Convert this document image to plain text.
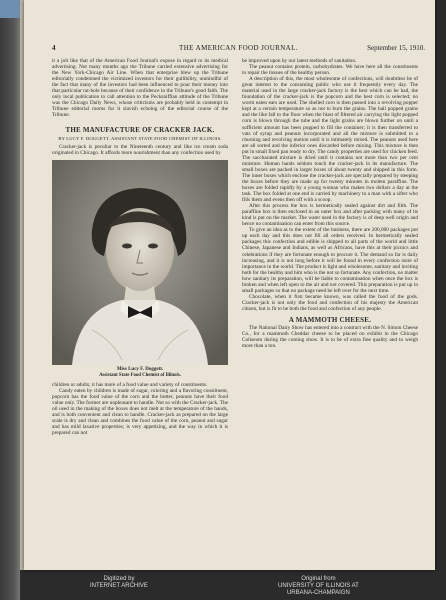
4	THE AMERICAN FOOD JOURNAL.	September 15, 1910.

it a jolt like that of the American Food Journal's expose in regard to its medical advertising. Not many months ago the Tribune carried extensive advertising for the New York-Chicago Air Line. When that enterprise blew up the Tribune editorially condemned the victimized investors for their gullibility, unmindful of the fact that many of the investors had been influenced to pour their money into that particular rat-hole because of their confidence in the Tribune's good faith. The only local publication to call attention to the Pecksniffian attitude of the Tribune was the Chicago Daily News, whose criticisms are probably held in contempt in Tribune editorial rooms for it slavish echoing of the editorial course of the Tribune.

THE MANUFACTURE OF CRACKER JACK.
BY LUCY F. DOGGETT, ASSISTANT STATE FOOD CHEMIST OF ILLINOIS.

Cracker-jack is peculiar to the Nineteenth century and like ice cream soda originated in Chicago. It affords more nourishment than any confection used by

Miss Lucy F. Doggett.
Assistant State Food Chemist of Illinois.

children or adults; it has more of a food value and variety of constituents.

Candy eaten by children is made of sugar, coloring and a flavoring constituent, popcorn has the food value of the corn and the butter, peanuts have their food value only. The former are unpleasant to handle. Not so with the Cracker-jack. The oil used in the making of the boxes does not melt at the temperature of the hands, and is both convenient and clean to handle. Cracker-jack as prepared on the large scale is dry and clean and combines the food value of the corn, peanut and sugar and has mild laxative properties; is very appetizing, and the way in which it is prepared can not

be improved upon by our latest methods of sanitation.

The peanut contains protein, carbohydrates. We have here all the constituents to repair the tissues of the healthy person.

A description of this, the most wholesome of confections, will doubtless be of great interest to the consuming public who use it frequently every day. The material used in the large cracker-jack factory is the best which can be had, the foundation of the cracker-jack is the popcorn and the best corn is selected; no worm eaten ears are used. The shelled corn is then passed into a revolving popper kept at a certain temperature so as not to burn the grains. The ball popped grains and the like fall to the floor when the blast of filtered air carrying the light popped corn is blown through the tube and the light grains are blown further on until a sufficient amount has been popped to fill the container; it is then transferred to vats of syrup and peanuts incorporated and all the mixture is submitted to a churning and revolving motion until it is intimately mixed. The peanuts used here are all sorted and the inferior ones discarded before mixing. This mixture is then put in small fixed pan ready to dry. The candy properties are used for chicken feed. The saccharated mixture is dried until it contains not more than two per cent moisture. Human hands seldom touch the cracker-jack in its manufacture. The small boxes are packed in larger boxes of about twenty and shipped in this form. The inner boxes which enclose the cracker-jack are specially prepared by steeping the boxes before they are made up for twenty minutes in molten paraffine. The boxes are folded rapidly by a young woman who makes two dollars a day at the task. The box folded at one end is carried by machinery to a man with a sifter who fills them and evens then off with a scoop.

After this process the box is hermetically sealed against dirt and filth. The paraffine box is then enclosed in an outer box and after packing with many of its kind is put on the market. The water used in the factory is of deep well origin and hence no contamination can enter from this source.

To give an idea as to the extent of the business, there are 200,000 packages put up each day and this does not fill all orders received. In hermetically sealed packages this confection and edible is shipped to all parts of the world and little Chinese, Japanese and Indians, as well as Africans, have this at their picnics and celebrations if they are fortunate enough to procure it. The demand so far is daily increasing, and it is not long before it will be found in every confection store of importance in the world. The product is light and wholesome, sanitary and inviting both for the healthy and him who is the not so fortunate. Any confection, no matter how sanitary its preparation, will be liable to contamination when once the box is broken and when left open to the air and not covered. This preparation is put up in small packages so that no package need be left over for the next time.

Chocolate, when it first became known, was called the food of the gods. Cracker-jack is not only the food and confection of his majesty the American citizen, but is fit to be both the food and confection of any people.

A MAMMOTH CHEESE.

The National Dairy Show has entered into a contract with the N. Simon Cheese Co., for a mammoth Cheddar cheese to be placed on exhibit in the Chicago Coliseum during the coming show. It is to be of extra fine quality and to weigh more than a ton.

Digitized by
INTERNET ARCHIVE
Original from
UNIVERSITY OF ILLINOIS AT
URBANA-CHAMPAIGN
